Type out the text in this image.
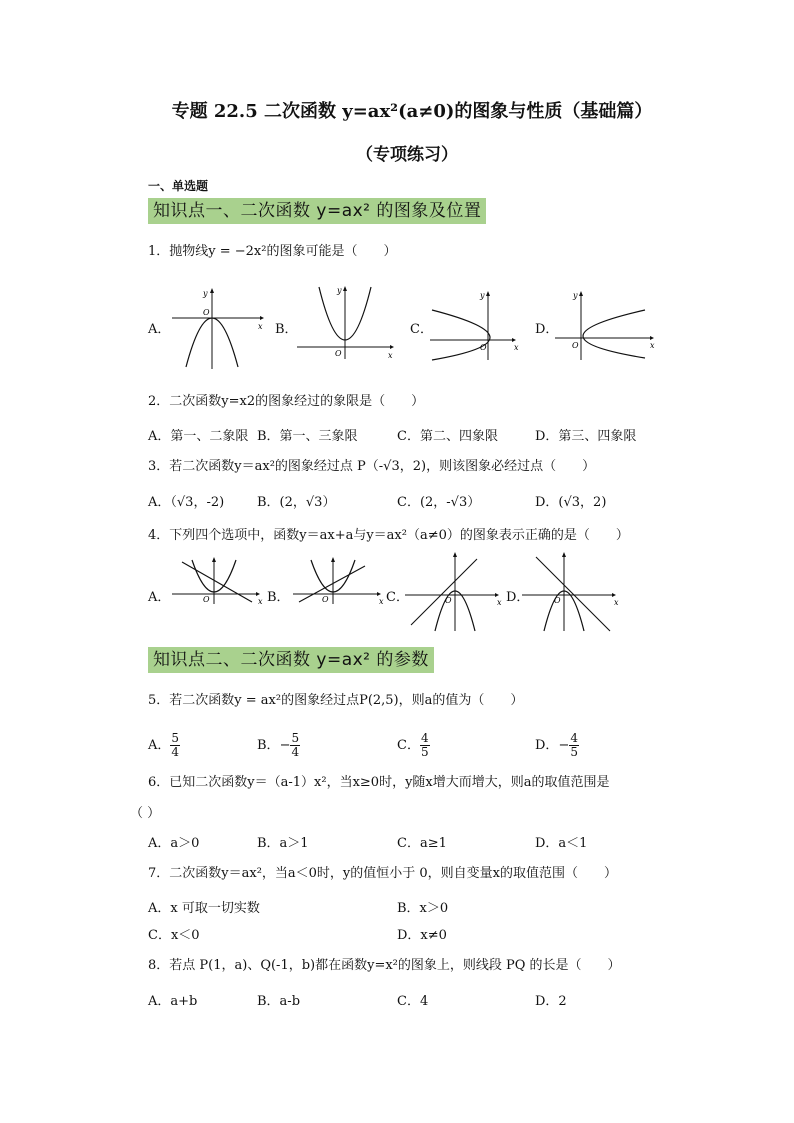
专题 22.5 二次函数 y=ax²(a≠0)的图象与性质（基础篇）
（专项练习）
一、单选题
知识点一、二次函数 y=ax² 的图象及位置
1．抛物线y = −2x²的图象可能是（　　）
A．	B．	C．	D．
y
x
O
y
x
O
y
x
O
y
x
O
2．二次函数y=x2的图象经过的象限是（　　）
A．第一、二象限 B．第一、三象限	C．第二、四象限	D．第三、四象限
3．若二次函数y＝ax²的图象经过点 P（-√3，2)，则该图象必经过点（　　）
A．（√3，-2)	B．(2，√3）	C．(2，-√3）	D．(√3，2)
4．下列四个选项中，函数y＝ax+a与y＝ax²（a≠0）的图象表示正确的是（　　）
A．	B．	C．	D．
O	x	O	x	O	x	O	x
知识点二、二次函数 y=ax² 的参数
5．若二次函数y = ax²的图象经过点P(2,5)，则a的值为（　　）
A． $\frac{5}{4}$	B．− $\frac{5}{4}$	C． $\frac{4}{5}$	D．− $\frac{4}{5}$
6．已知二次函数y＝（a-1）x²，当x≥0时，y随x增大而增大，则a的取值范围是
（ ）
A．a＞0	B．a＞1	C．a≥1	D．a＜1
7．二次函数y＝ax²，当a＜0时，y的值恒小于 0，则自变量x的取值范围（　　）
A．x 可取一切实数	B．x＞0
C．x＜0	D．x≠0
8．若点 P(1，a)、Q(-1，b)都在函数y=x²的图象上，则线段 PQ 的长是（　　）
A．a+b	B．a-b	C．4	D．2
